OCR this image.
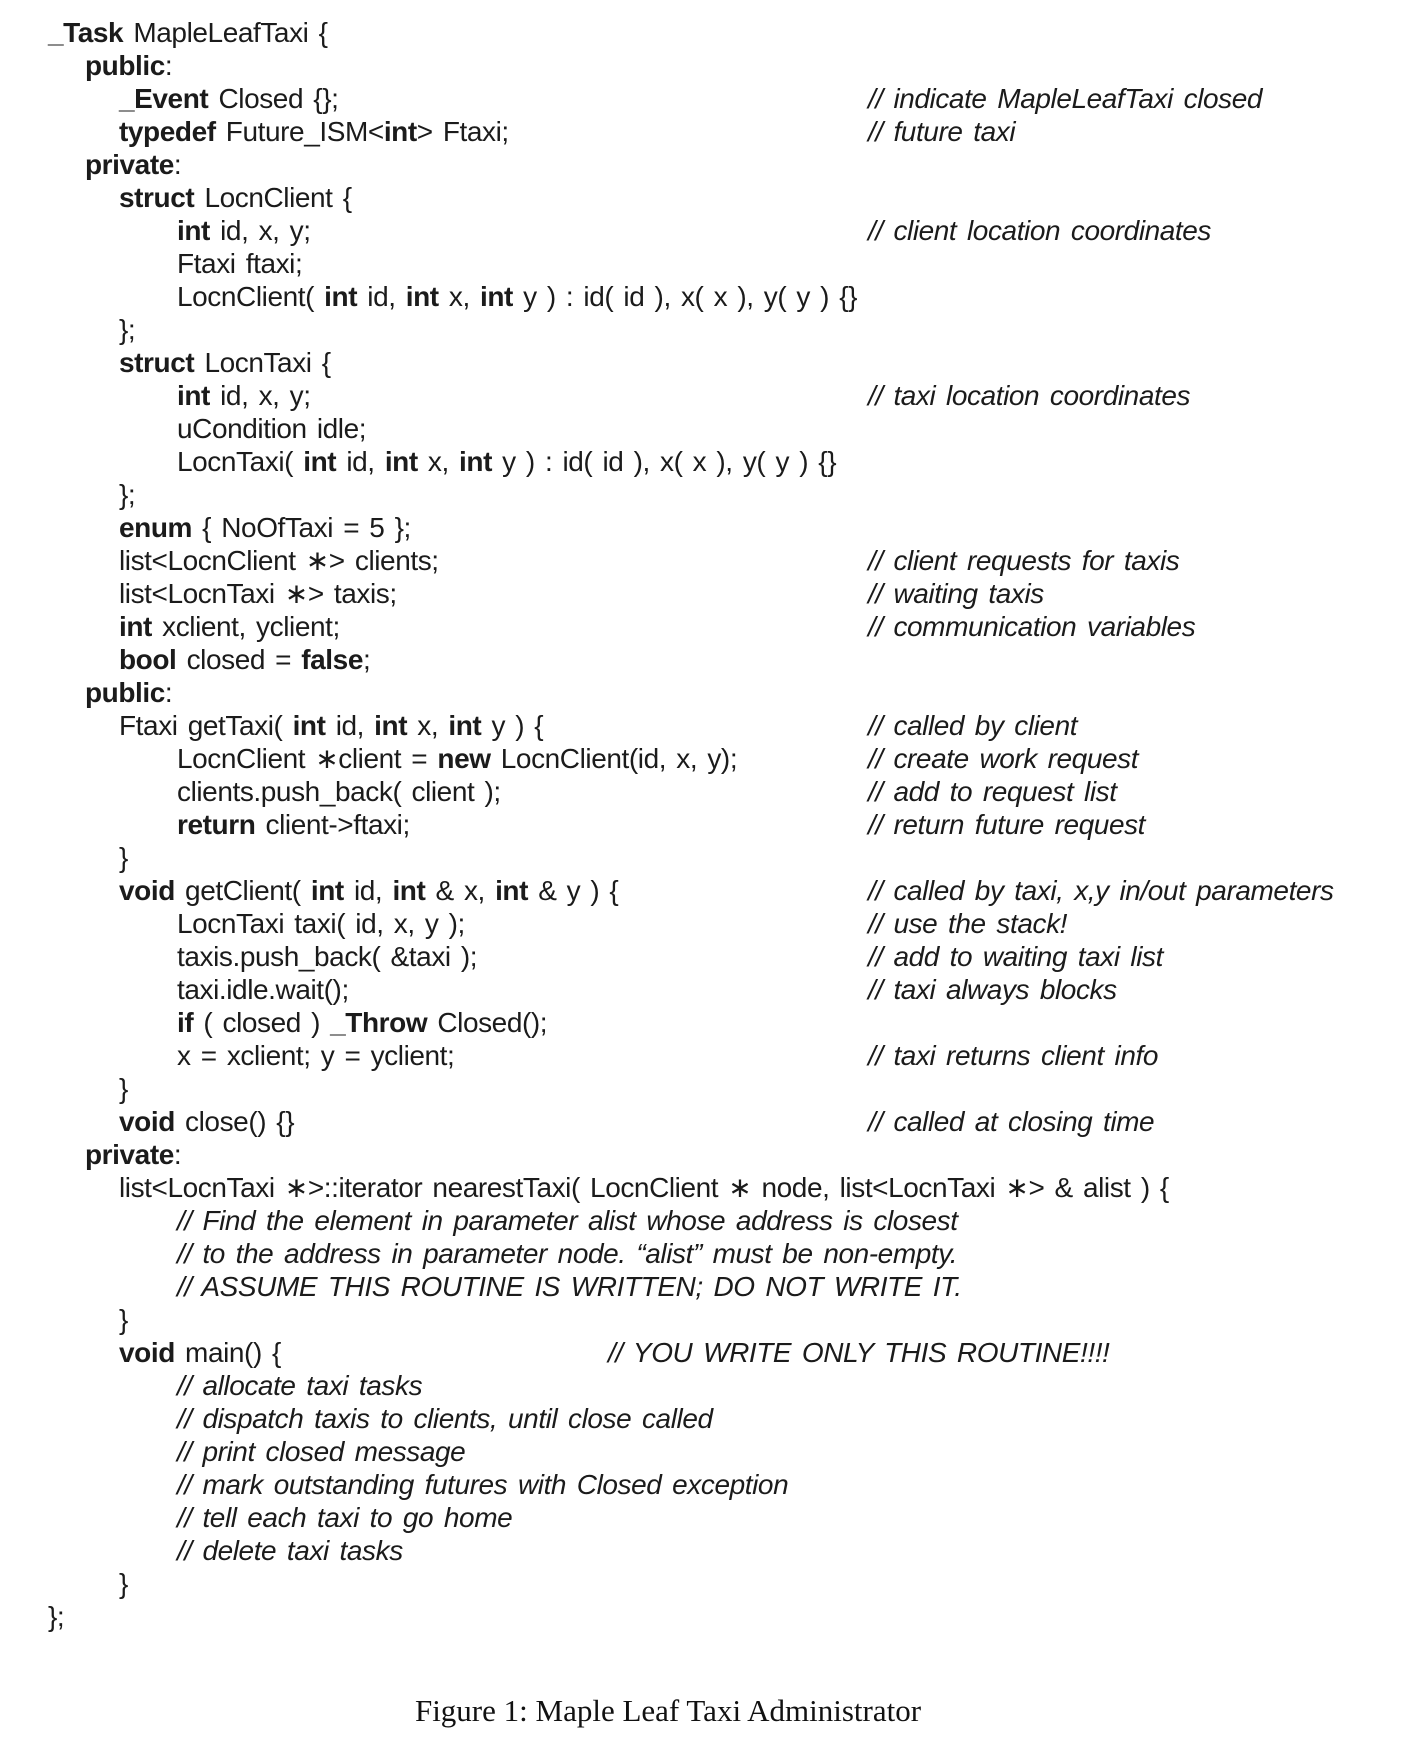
_Task MapleLeafTaxi {
public:
_Event Closed {};	// indicate MapleLeafTaxi closed
typedef Future_ISM<int> Ftaxi;	// future taxi
private:
struct LocnClient {
int id, x, y;	// client location coordinates
Ftaxi ftaxi;
LocnClient( int id, int x, int y ) : id( id ), x( x ), y( y ) {}
};
struct LocnTaxi {
int id, x, y;	// taxi location coordinates
uCondition idle;
LocnTaxi( int id, int x, int y ) : id( id ), x( x ), y( y ) {}
};
enum { NoOfTaxi = 5 };
list<LocnClient ∗> clients;	// client requests for taxis
list<LocnTaxi ∗> taxis;	// waiting taxis
int xclient, yclient;	// communication variables
bool closed = false;
public:
Ftaxi getTaxi( int id, int x, int y ) {	// called by client
LocnClient ∗client = new LocnClient(id, x, y);	// create work request
clients.push_back( client );	// add to request list
return client->ftaxi;	// return future request
}
void getClient( int id, int & x, int & y ) {	// called by taxi, x,y in/out parameters
LocnTaxi taxi( id, x, y );	// use the stack!
taxis.push_back( &taxi );	// add to waiting taxi list
taxi.idle.wait();	// taxi always blocks
if ( closed ) _Throw Closed();
x = xclient; y = yclient;	// taxi returns client info
}
void close() {}	// called at closing time
private:
list<LocnTaxi ∗>::iterator nearestTaxi( LocnClient ∗ node, list<LocnTaxi ∗> & alist ) {
// Find the element in parameter alist whose address is closest
// to the address in parameter node. “alist” must be non-empty.
// ASSUME THIS ROUTINE IS WRITTEN; DO NOT WRITE IT.
}
void main() {	// YOU WRITE ONLY THIS ROUTINE!!!!
// allocate taxi tasks
// dispatch taxis to clients, until close called
// print closed message
// mark outstanding futures with Closed exception
// tell each taxi to go home
// delete taxi tasks
}
};
Figure 1: Maple Leaf Taxi Administrator
